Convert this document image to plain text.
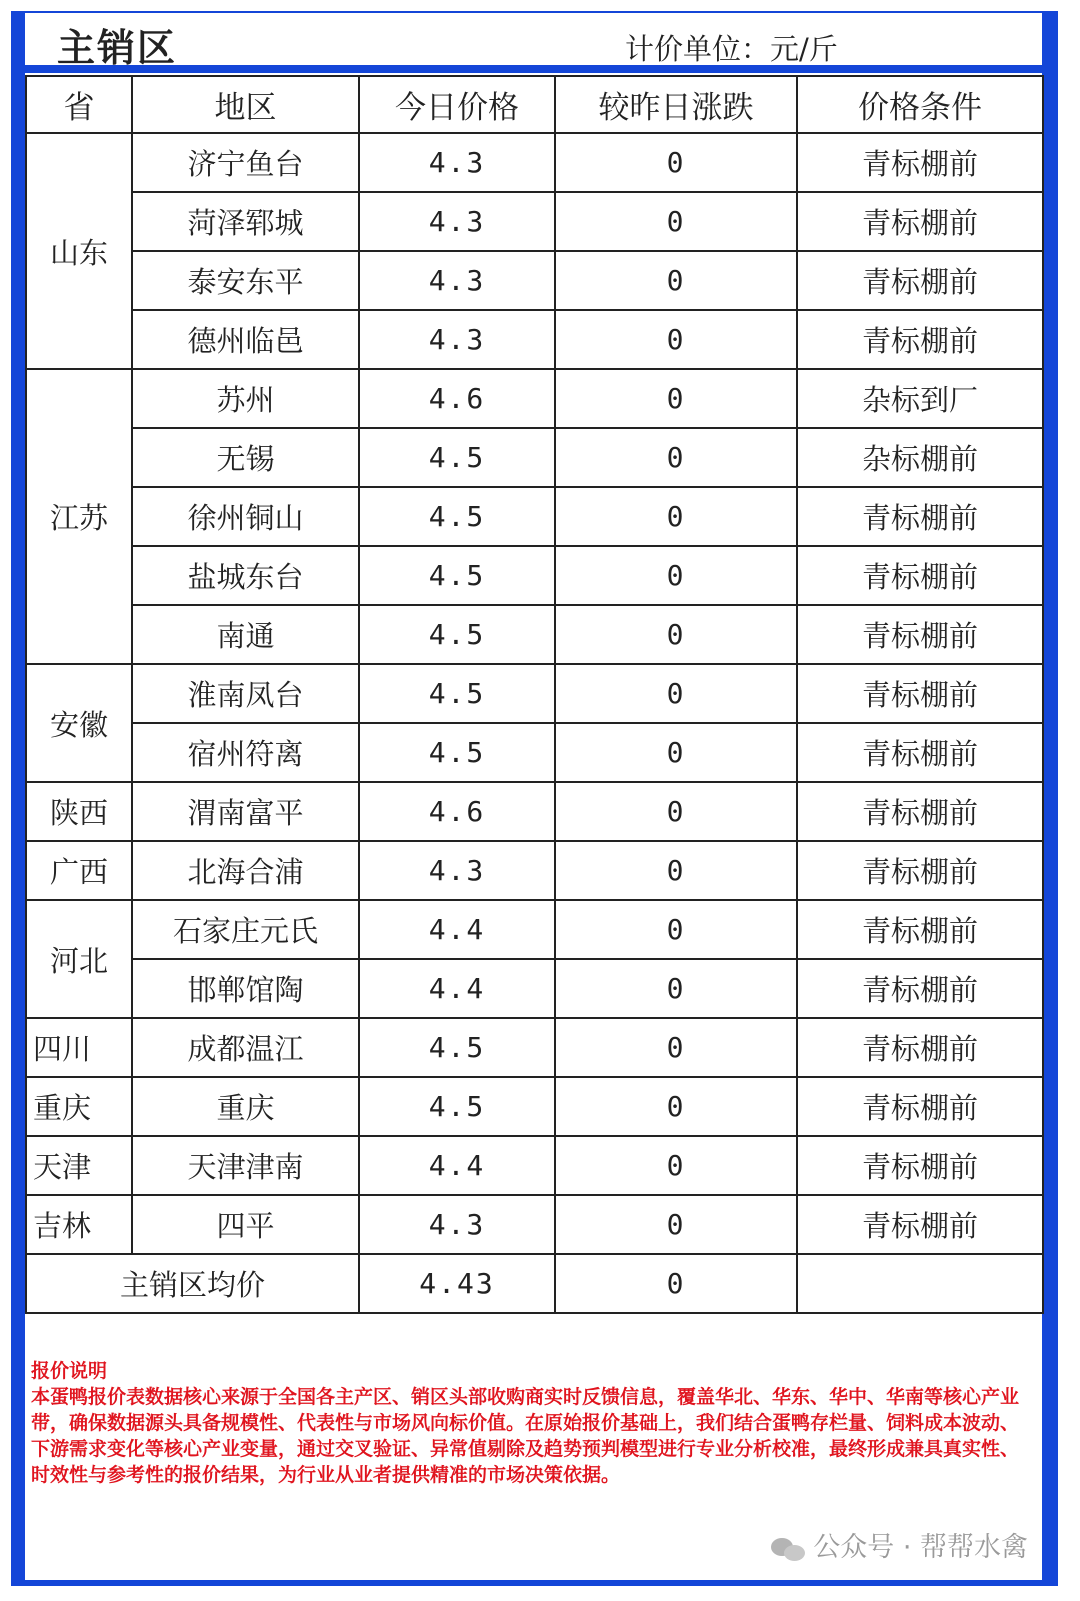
主销区	计价单位：元/斤
省	地区	今日价格	较昨日涨跌	价格条件
山东	济宁鱼台	4.3	0	青标棚前
	菏泽郓城	4.3	0	青标棚前
	泰安东平	4.3	0	青标棚前
	德州临邑	4.3	0	青标棚前
江苏	苏州	4.6	0	杂标到厂
	无锡	4.5	0	杂标棚前
	徐州铜山	4.5	0	青标棚前
	盐城东台	4.5	0	青标棚前
	南通	4.5	0	青标棚前
安徽	淮南凤台	4.5	0	青标棚前
	宿州符离	4.5	0	青标棚前
陕西	渭南富平	4.6	0	青标棚前
广西	北海合浦	4.3	0	青标棚前
河北	石家庄元氏	4.4	0	青标棚前
	邯郸馆陶	4.4	0	青标棚前
四川	成都温江	4.5	0	青标棚前
重庆	重庆	4.5	0	青标棚前
天津	天津津南	4.4	0	青标棚前
吉林	四平	4.3	0	青标棚前
主销区均价		4.43	0	
报价说明
本蛋鸭报价表数据核心来源于全国各主产区、销区头部收购商实时反馈信息，覆盖华北、华东、华中、华南等核心产业带，确保数据源头具备规模性、代表性与市场风向标价值。在原始报价基础上，我们结合蛋鸭存栏量、饲料成本波动、下游需求变化等核心产业变量，通过交叉验证、异常值剔除及趋势预判模型进行专业分析校准，最终形成兼具真实性、时效性与参考性的报价结果，为行业从业者提供精准的市场决策依据。
公众号 · 帮帮水禽
